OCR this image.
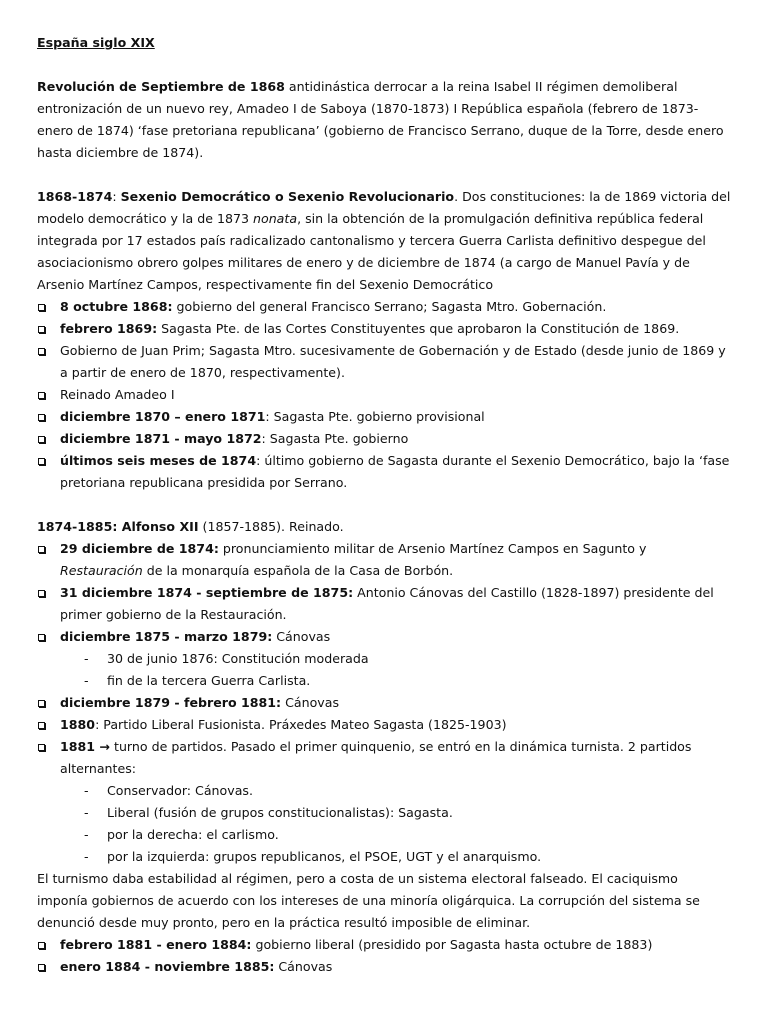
España siglo XIX

Revolución de Septiembre de 1868 antidinástica derrocar a la reina Isabel II régimen demoliberal entronización de un nuevo rey, Amadeo I de Saboya (1870-1873) I República española (febrero de 1873-enero de 1874) ‘fase pretoriana republicana’ (gobierno de Francisco Serrano, duque de la Torre, desde enero hasta diciembre de 1874).

1868-1874: Sexenio Democrático o Sexenio Revolucionario. Dos constituciones: la de 1869 victoria del modelo democrático y la de 1873 nonata, sin la obtención de la promulgación definitiva república federal integrada por 17 estados país radicalizado cantonalismo y tercera Guerra Carlista definitivo despegue del asociacionismo obrero golpes militares de enero y de diciembre de 1874 (a cargo de Manuel Pavía y de Arsenio Martínez Campos, respectivamente fin del Sexenio Democrático

8 octubre 1868: gobierno del general Francisco Serrano; Sagasta Mtro. Gobernación.
febrero 1869: Sagasta Pte. de las Cortes Constituyentes que aprobaron la Constitución de 1869.
Gobierno de Juan Prim; Sagasta Mtro. sucesivamente de Gobernación y de Estado (desde junio de 1869 y a partir de enero de 1870, respectivamente).
Reinado Amadeo I
diciembre 1870 – enero 1871: Sagasta Pte. gobierno provisional
diciembre 1871 - mayo 1872: Sagasta Pte. gobierno
últimos seis meses de 1874: último gobierno de Sagasta durante el Sexenio Democrático, bajo la ‘fase pretoriana republicana presidida por Serrano.

1874-1885: Alfonso XII (1857-1885). Reinado.

29 diciembre de 1874: pronunciamiento militar de Arsenio Martínez Campos en Sagunto y Restauración de la monarquía española de la Casa de Borbón.
31 diciembre 1874 - septiembre de 1875: Antonio Cánovas del Castillo (1828-1897) presidente del primer gobierno de la Restauración.
diciembre 1875 - marzo 1879: Cánovas
- 30 de junio 1876: Constitución moderada
- fin de la tercera Guerra Carlista.
diciembre 1879 - febrero 1881: Cánovas
1880: Partido Liberal Fusionista. Práxedes Mateo Sagasta (1825-1903)
1881 → turno de partidos. Pasado el primer quinquenio, se entró en la dinámica turnista. 2 partidos alternantes:
- Conservador: Cánovas.
- Liberal (fusión de grupos constitucionalistas): Sagasta.
- por la derecha: el carlismo.
- por la izquierda: grupos republicanos, el PSOE, UGT y el anarquismo.

El turnismo daba estabilidad al régimen, pero a costa de un sistema electoral falseado. El caciquismo imponía gobiernos de acuerdo con los intereses de una minoría oligárquica. La corrupción del sistema se denunció desde muy pronto, pero en la práctica resultó imposible de eliminar.

febrero 1881 - enero 1884: gobierno liberal (presidido por Sagasta hasta octubre de 1883)
enero 1884 - noviembre 1885: Cánovas
